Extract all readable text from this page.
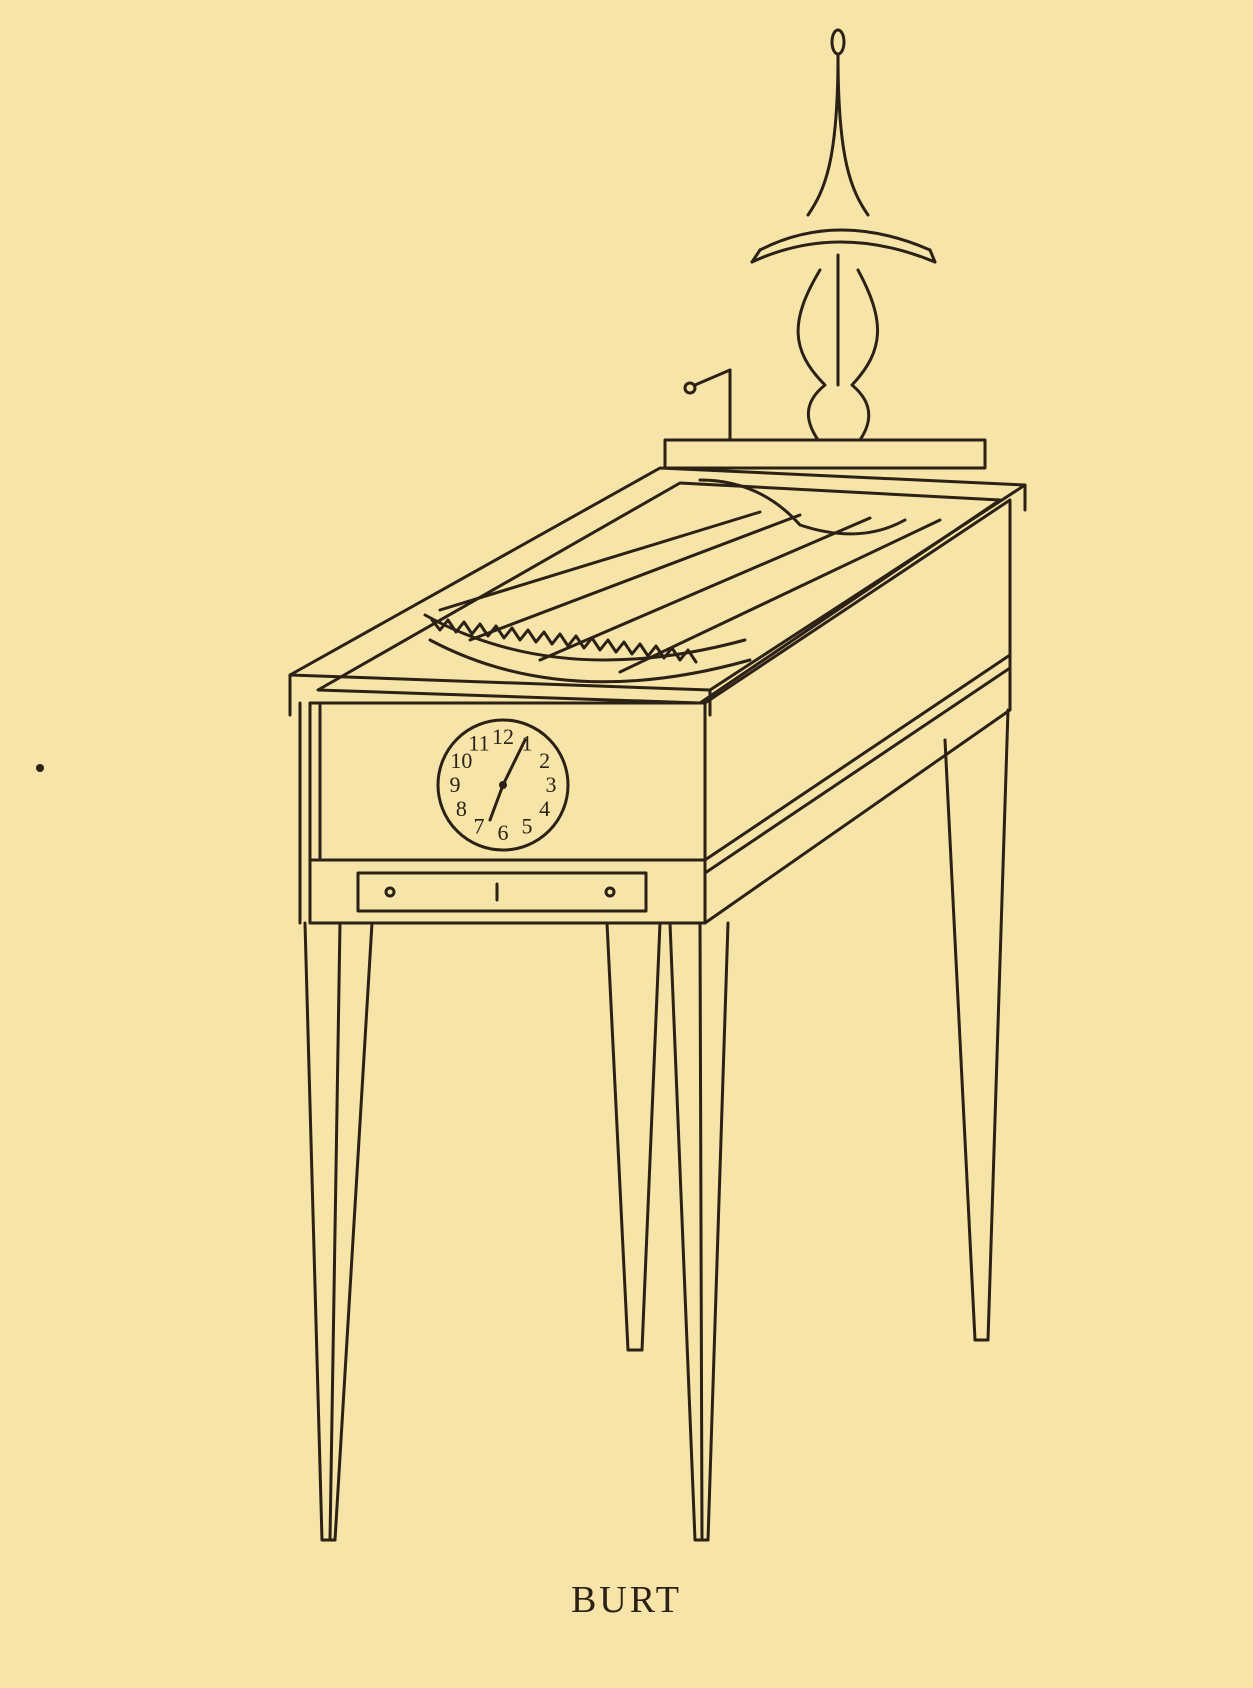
12
11
10
9
8
7 6 5
4
3
2
1
BURT
